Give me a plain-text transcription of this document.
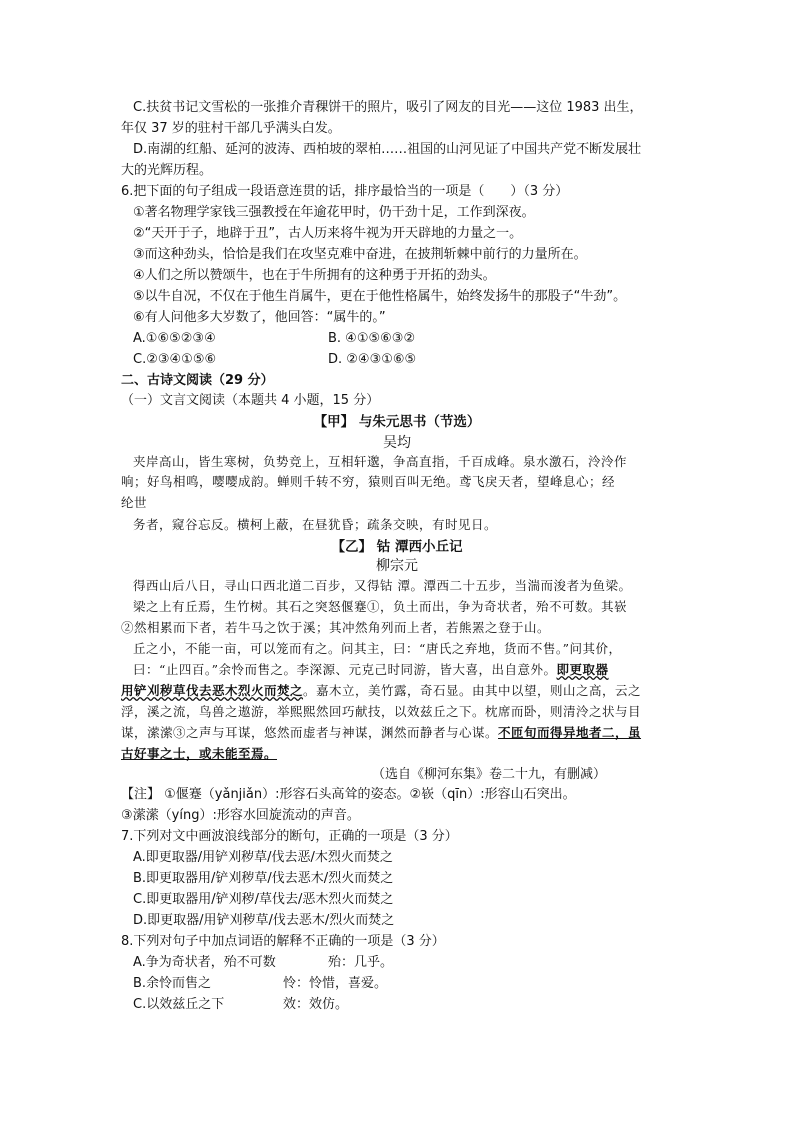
C.扶贫书记文雪松的一张推介青稞饼干的照片，吸引了网友的目光——这位 1983 出生，
年仅 37 岁的驻村干部几乎满头白发。
D.南湖的红船、延河的波涛、西柏坡的翠柏……祖国的山河见证了中国共产党不断发展壮
大的光辉历程。
6.把下面的句子组成一段语意连贯的话，排序最恰当的一项是（　　）（3 分）
①著名物理学家钱三强教授在年逾花甲时，仍干劲十足，工作到深夜。
②“天开于子，地辟于丑”，古人历来将牛视为开天辟地的力量之一。
③而这种劲头，恰恰是我们在攻坚克难中奋进，在披荆斩棘中前行的力量所在。
④人们之所以赞颂牛，也在于牛所拥有的这种勇于开拓的劲头。
⑤以牛自况，不仅在于他生肖属牛，更在于他性格属牛，始终发扬牛的那股子“牛劲”。
⑥有人问他多大岁数了，他回答：“属牛的。”
A.①⑥⑤②③④	B. ④①⑤⑥③②
C.②③④①⑤⑥	D. ②④③①⑥⑤
二、古诗文阅读（29 分）
（一）文言文阅读（本题共 4 小题，15 分）
【甲】 与朱元思书（节选）
吴均
夹岸高山，皆生寒树，负势竞上，互相轩邈，争高直指，千百成峰。泉水激石，泠泠作
响；好鸟相鸣，嘤嘤成韵。蝉则千转不穷，猿则百叫无绝。鸢飞戾天者，望峰息心；经
纶世
务者，窥谷忘反。横柯上蔽，在昼犹昏；疏条交映，有时见日。
【乙】 钴 潭西小丘记
柳宗元
得西山后八日，寻山口西北道二百步，又得钴 潭。潭西二十五步，当湍而浚者为鱼梁。
梁之上有丘焉，生竹树。其石之突怒偃蹇①，负土而出，争为奇状者，殆不可数。其嵚
②然相累而下者，若牛马之饮于溪；其冲然角列而上者，若熊罴之登于山。
丘之小，不能一亩，可以笼而有之。问其主，曰：“唐氏之弃地，货而不售。”问其价，
曰：“止四百。”余怜而售之。李深源、元克己时同游，皆大喜，出自意外。即更取器
用铲刈秽草伐去恶木烈火而焚之。嘉木立，美竹露，奇石显。由其中以望，则山之高，云之
浮，溪之流，鸟兽之遨游，举熙熙然回巧献技，以效兹丘之下。枕席而卧，则清泠之状与目
谋，潆潆③之声与耳谋，悠然而虚者与神谋，渊然而静者与心谋。不匝旬而得异地者二，虽
古好事之士，或未能至焉。
（选自《柳河东集》卷二十九，有删减）
【注】 ①偃蹇（yǎnjiǎn）:形容石头高耸的姿态。②嵚（qīn）:形容山石突出。
③潆潆（yíng）:形容水回旋流动的声音。
7.下列对文中画波浪线部分的断句，正确的一项是（3 分）
A.即更取器/用铲刈秽草/伐去恶/木烈火而焚之
B.即更取器用/铲刈秽草/伐去恶木/烈火而焚之
C.即更取器用/铲刈秽/草伐去/恶木烈火而焚之
D.即更取器/用铲刈秽草/伐去恶木/烈火而焚之
8.下列对句子中加点词语的解释不正确的一项是（3 分）
A.争为奇状者，殆不可数	殆：几乎。
B.余怜而售之	怜：怜惜，喜爱。
C.以效兹丘之下	效：效仿。
